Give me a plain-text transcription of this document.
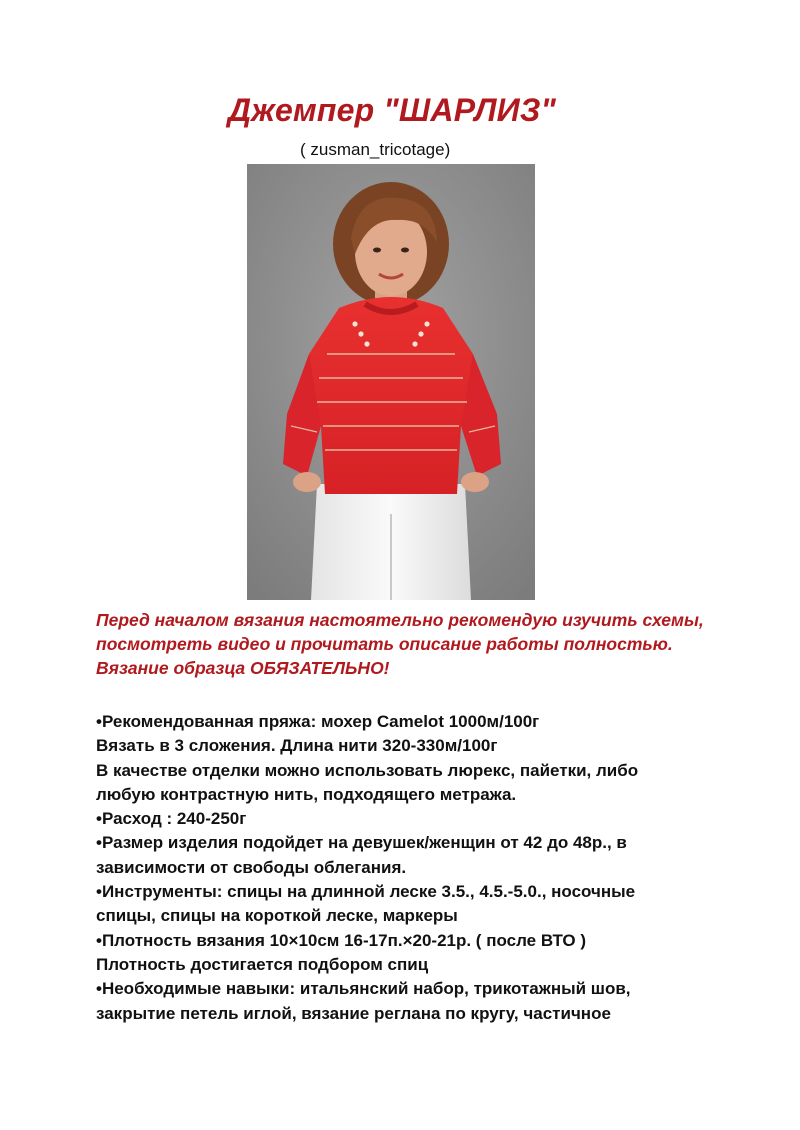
Джемпер "ШАРЛИЗ"
( zusman_tricotage)
Перед началом вязания настоятельно рекомендую изучить схемы, посмотреть видео и прочитать описание работы полностью. Вязание образца ОБЯЗАТЕЛЬНО!
•Рекомендованная пряжа: мохер Camelot 1000м/100г
Вязать в 3 сложения. Длина нити 320-330м/100г
В качестве отделки можно использовать люрекс, пайетки, либо
любую контрастную нить, подходящего метража.
•Расход : 240-250г
•Размер изделия подойдет на девушек/женщин от 42 до 48р., в
зависимости от свободы облегания.
•Инструменты: спицы на длинной леске 3.5., 4.5.-5.0., носочные
спицы, спицы на короткой леске, маркеры
•Плотность вязания 10×10см 16-17п.×20-21р. ( после ВТО )
Плотность достигается подбором спиц
•Необходимые навыки: итальянский набор, трикотажный шов,
закрытие петель иглой, вязание реглана по кругу, частичное
